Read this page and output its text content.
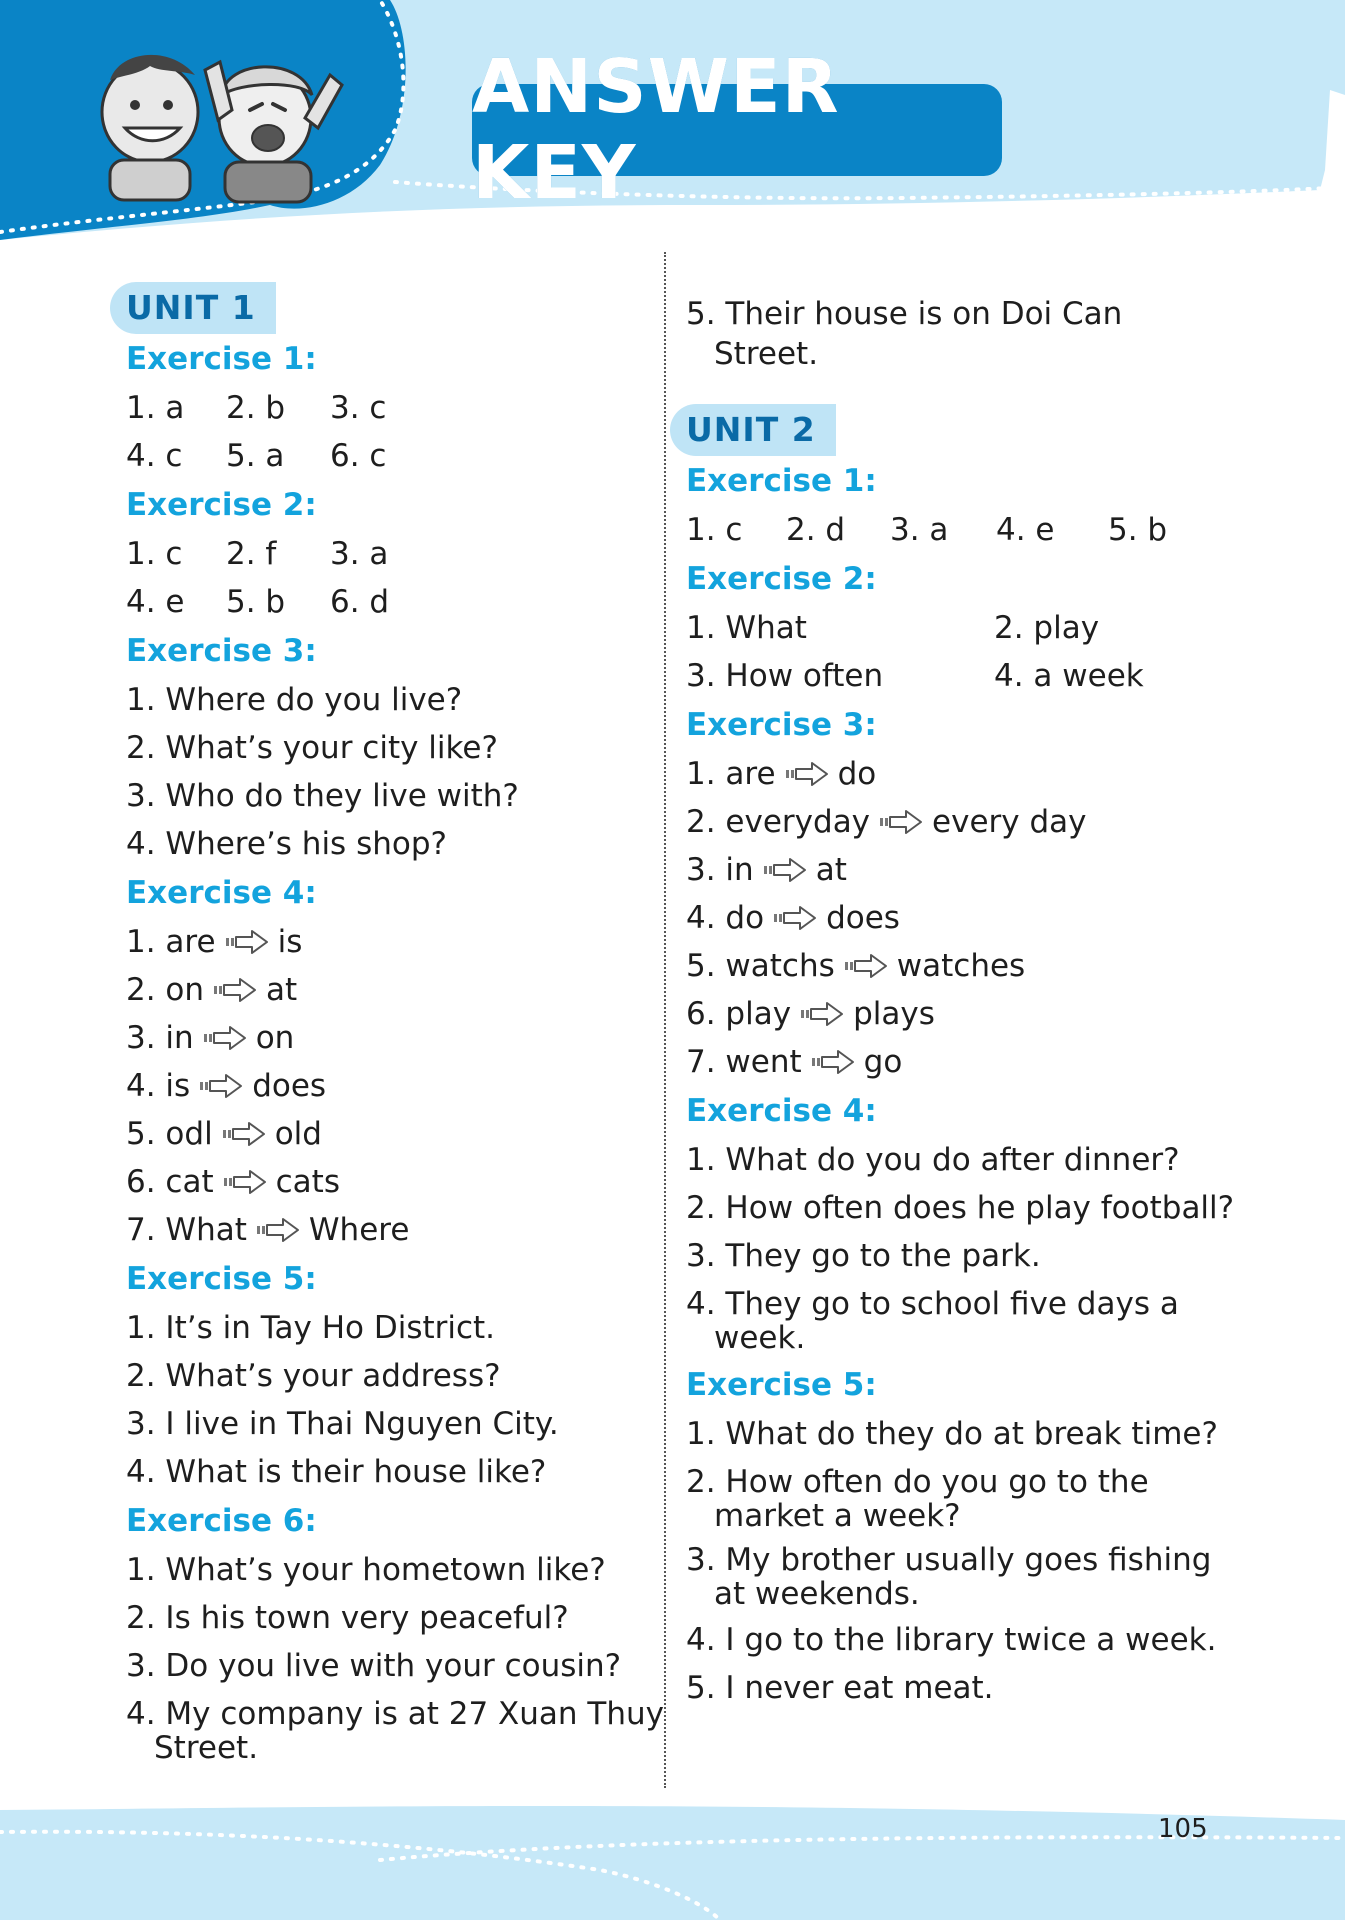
ANSWER KEY
UNIT 1
Exercise 1:
1. a	2. b	3. c
4. c	5. a	6. c
Exercise 2:
1. c	2. f	3. a
4. e	5. b	6. d
Exercise 3:
1. Where do you live?
2. What’s your city like?
3. Who do they live with?
4. Where’s his shop?
Exercise 4:
1. are is
2. on at
3. in on
4. is does
5. odl old
6. cat cats
7. What Where
Exercise 5:
1. It’s in Tay Ho District.
2. What’s your address?
3. I live in Thai Nguyen City.
4. What is their house like?
Exercise 6:
1. What’s your hometown like?
2. Is his town very peaceful?
3. Do you live with your cousin?
4. My company is at 27 Xuan Thuy
Street.
5. Their house is on Doi Can
Street.
UNIT 2
Exercise 1:
1. c	2. d	3. a	4. e	5. b
Exercise 2:
1. What	2. play
3. How often	4. a week
Exercise 3:
1. are do
2. everyday every day
3. in at
4. do does
5. watchs watches
6. play plays
7. went go
Exercise 4:
1. What do you do after dinner?
2. How often does he play football?
3. They go to the park.
4. They go to school five days a
week.
Exercise 5:
1. What do they do at break time?
2. How often do you go to the
market a week?
3. My brother usually goes fishing
at weekends.
4. I go to the library twice a week.
5. I never eat meat.
105
